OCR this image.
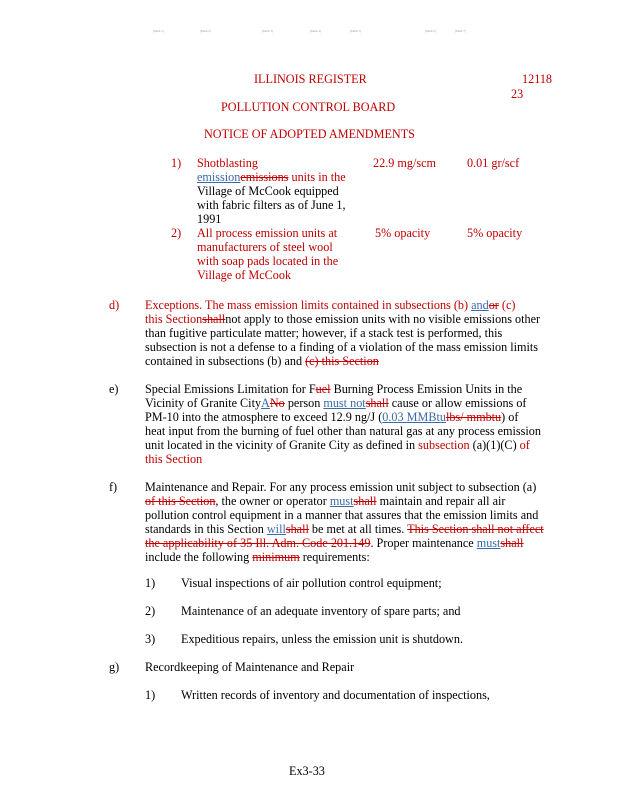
(Mark 1)	(Mark 2)	(Mark 3)	(Mark 4)	(Mark 5)	(Mark 6)	(Mark 7)
ILLINOIS REGISTER	12118
23
POLLUTION CONTROL BOARD
NOTICE OF ADOPTED AMENDMENTS
1) Shotblasting
emissionemissions units in the
Village of McCook equipped
with fabric filters as of June 1,
1991
22.9 mg/scm	0.01 gr/scf
2) All process emission units at
manufacturers of steel wool
with soap pads located in the
Village of McCook
5% opacity	5% opacity
d) Exceptions. The mass emission limits contained in subsections (b) andor (c)
this Sectionshallnot apply to those emission units with no visible emissions other
than fugitive particulate matter; however, if a stack test is performed, this
subsection is not a defense to a finding of a violation of the mass emission limits
contained in subsections (b) and (c) this Section
e) Special Emissions Limitation for Fuel Burning Process Emission Units in the
Vicinity of Granite CityANo person must notshall cause or allow emissions of
PM-10 into the atmosphere to exceed 12.9 ng/J (0.03 MMBtulbs/ mmbtu) of
heat input from the burning of fuel other than natural gas at any process emission
unit located in the vicinity of Granite City as defined in subsection (a)(1)(C) of
this Section
f) Maintenance and Repair. For any process emission unit subject to subsection (a)
of this Section, the owner or operator mustshall maintain and repair all air
pollution control equipment in a manner that assures that the emission limits and
standards in this Section willshall be met at all times. This Section shall not affect
the applicability of 35 Ill. Adm. Code 201.149. Proper maintenance mustshall
include the following minimum requirements:
1) Visual inspections of air pollution control equipment;
2) Maintenance of an adequate inventory of spare parts; and
3) Expeditious repairs, unless the emission unit is shutdown.
g) Recordkeeping of Maintenance and Repair
1) Written records of inventory and documentation of inspections,
Ex3-33
